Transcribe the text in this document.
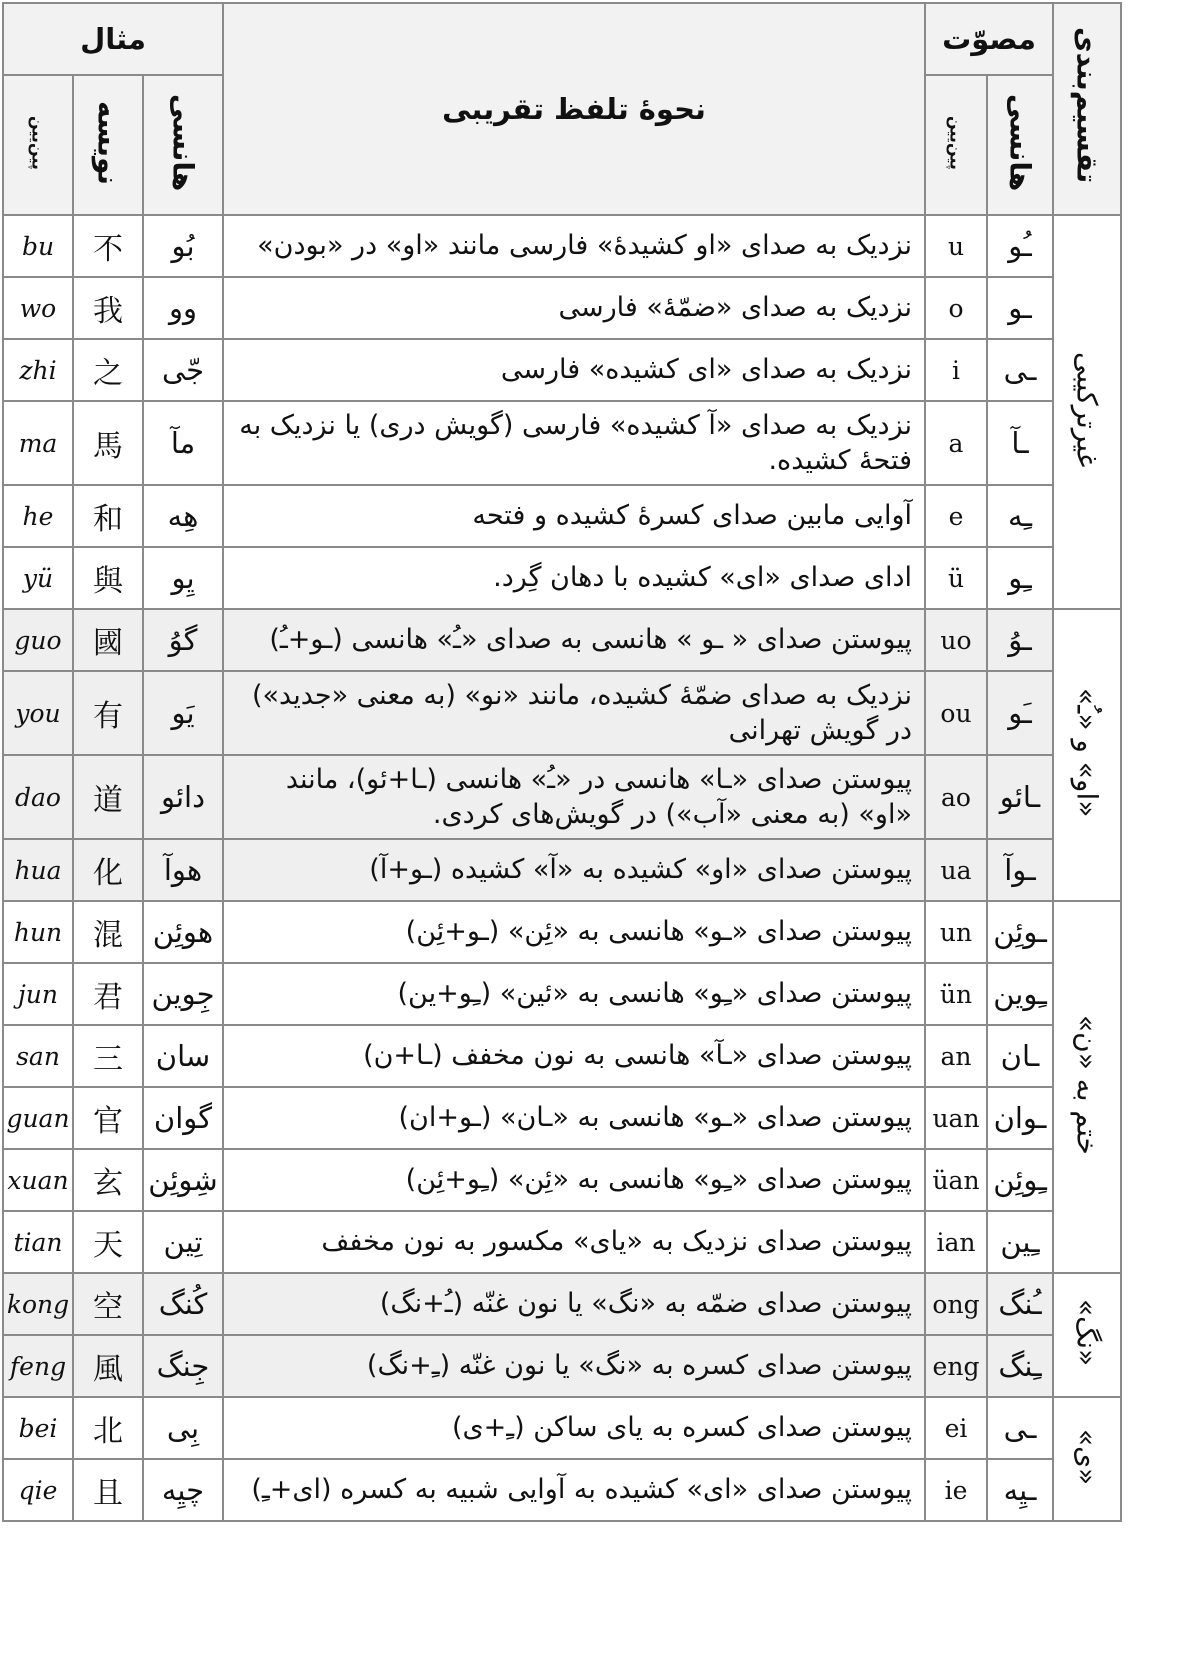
تقسیم‌بندی	مصوّت		نحوهٔ تلفظ تقریبی	مثال		
	هانسی	پین‌یین		هانسی	نویسه	پین‌یین
غیرترکیبی	ـُو	u	نزدیک به صدای «او کشیدهٔ» فارسی مانند «او» در «بودن»	بُو	不	bu
	ـو	o	نزدیک به صدای «ضمّهٔ» فارسی	وو	我	wo
	ـی	i	نزدیک به صدای «ای کشیده» فارسی	جّی	之	zhi
	ـآ	a	نزدیک به صدای «آ کشیده» فارسی (گویش دری) یا نزدیک به فتحهٔ کشیده.	مآ	馬	ma
	ـِه	e	آوایی مابین صدای کسرهٔ کشیده و فتحه	هِه	和	he
	ـِو	ü	ادای صدای «ای» کشیده با دهان گِرد.	یِو	與	yü
«او» و «ـُ»	ـوُ	uo	پیوستن صدای « ـو » هانسی به صدای «ـُ» هانسی (ـو+ـُ)	گوُ	國	guo
	ـَو	ou	نزدیک به صدای ضمّهٔ کشیده، مانند «نو» (به معنی «جدید») در گویش تهرانی	یَو	有	you
	ـائو	ao	پیوستن صدای «ـا» هانسی در «ـُ» هانسی (ـا+ئو)، مانند «او» (به معنی «آب») در گویش‌های کردی.	دائو	道	dao
	ـوآ	ua	پیوستن صدای «او» کشیده به «آ» کشیده (ـو+آ)	هوآ	化	hua
ختم به «ن»	ـوئِن	un	پیوستن صدای «ـو» هانسی به «ئِن» (ـو+ئِن)	هوئِن	混	hun
	ـِوین	ün	پیوستن صدای «ـِو» هانسی به «ئین» (ـِو+ین)	جِوین	君	jun
	ـان	an	پیوستن صدای «ـآ» هانسی به نون مخفف (ـا+ن)	سان	三	san
	ـوان	uan	پیوستن صدای «ـو» هانسی به «ـان» (ـو+ان)	گوان	官	guan
	ـِوئِن	üan	پیوستن صدای «ـِو» هانسی به «ئِن» (ـِو+ئِن)	شِوئِن	玄	xuan
	ـِین	ian	پیوستن صدای نزدیک به «یای» مکسور به نون مخفف	تِین	天	tian
«نگ»	ـُنگ	ong	پیوستن صدای ضمّه به «نگ» یا نون غنّه (ـُ+نگ)	کُنگ	空	kong
	ـِنگ	eng	پیوستن صدای کسره به «نگ» یا نون غنّه (ـِ+نگ)	جِنگ	風	feng
«ی»	ـی	ei	پیوستن صدای کسره به یای ساکن (ـِ+ی)	بِی	北	bei
	ـیِه	ie	پیوستن صدای «ای» کشیده به آوایی شبیه به کسره (ای+ـِ)	چیِه	且	qie
